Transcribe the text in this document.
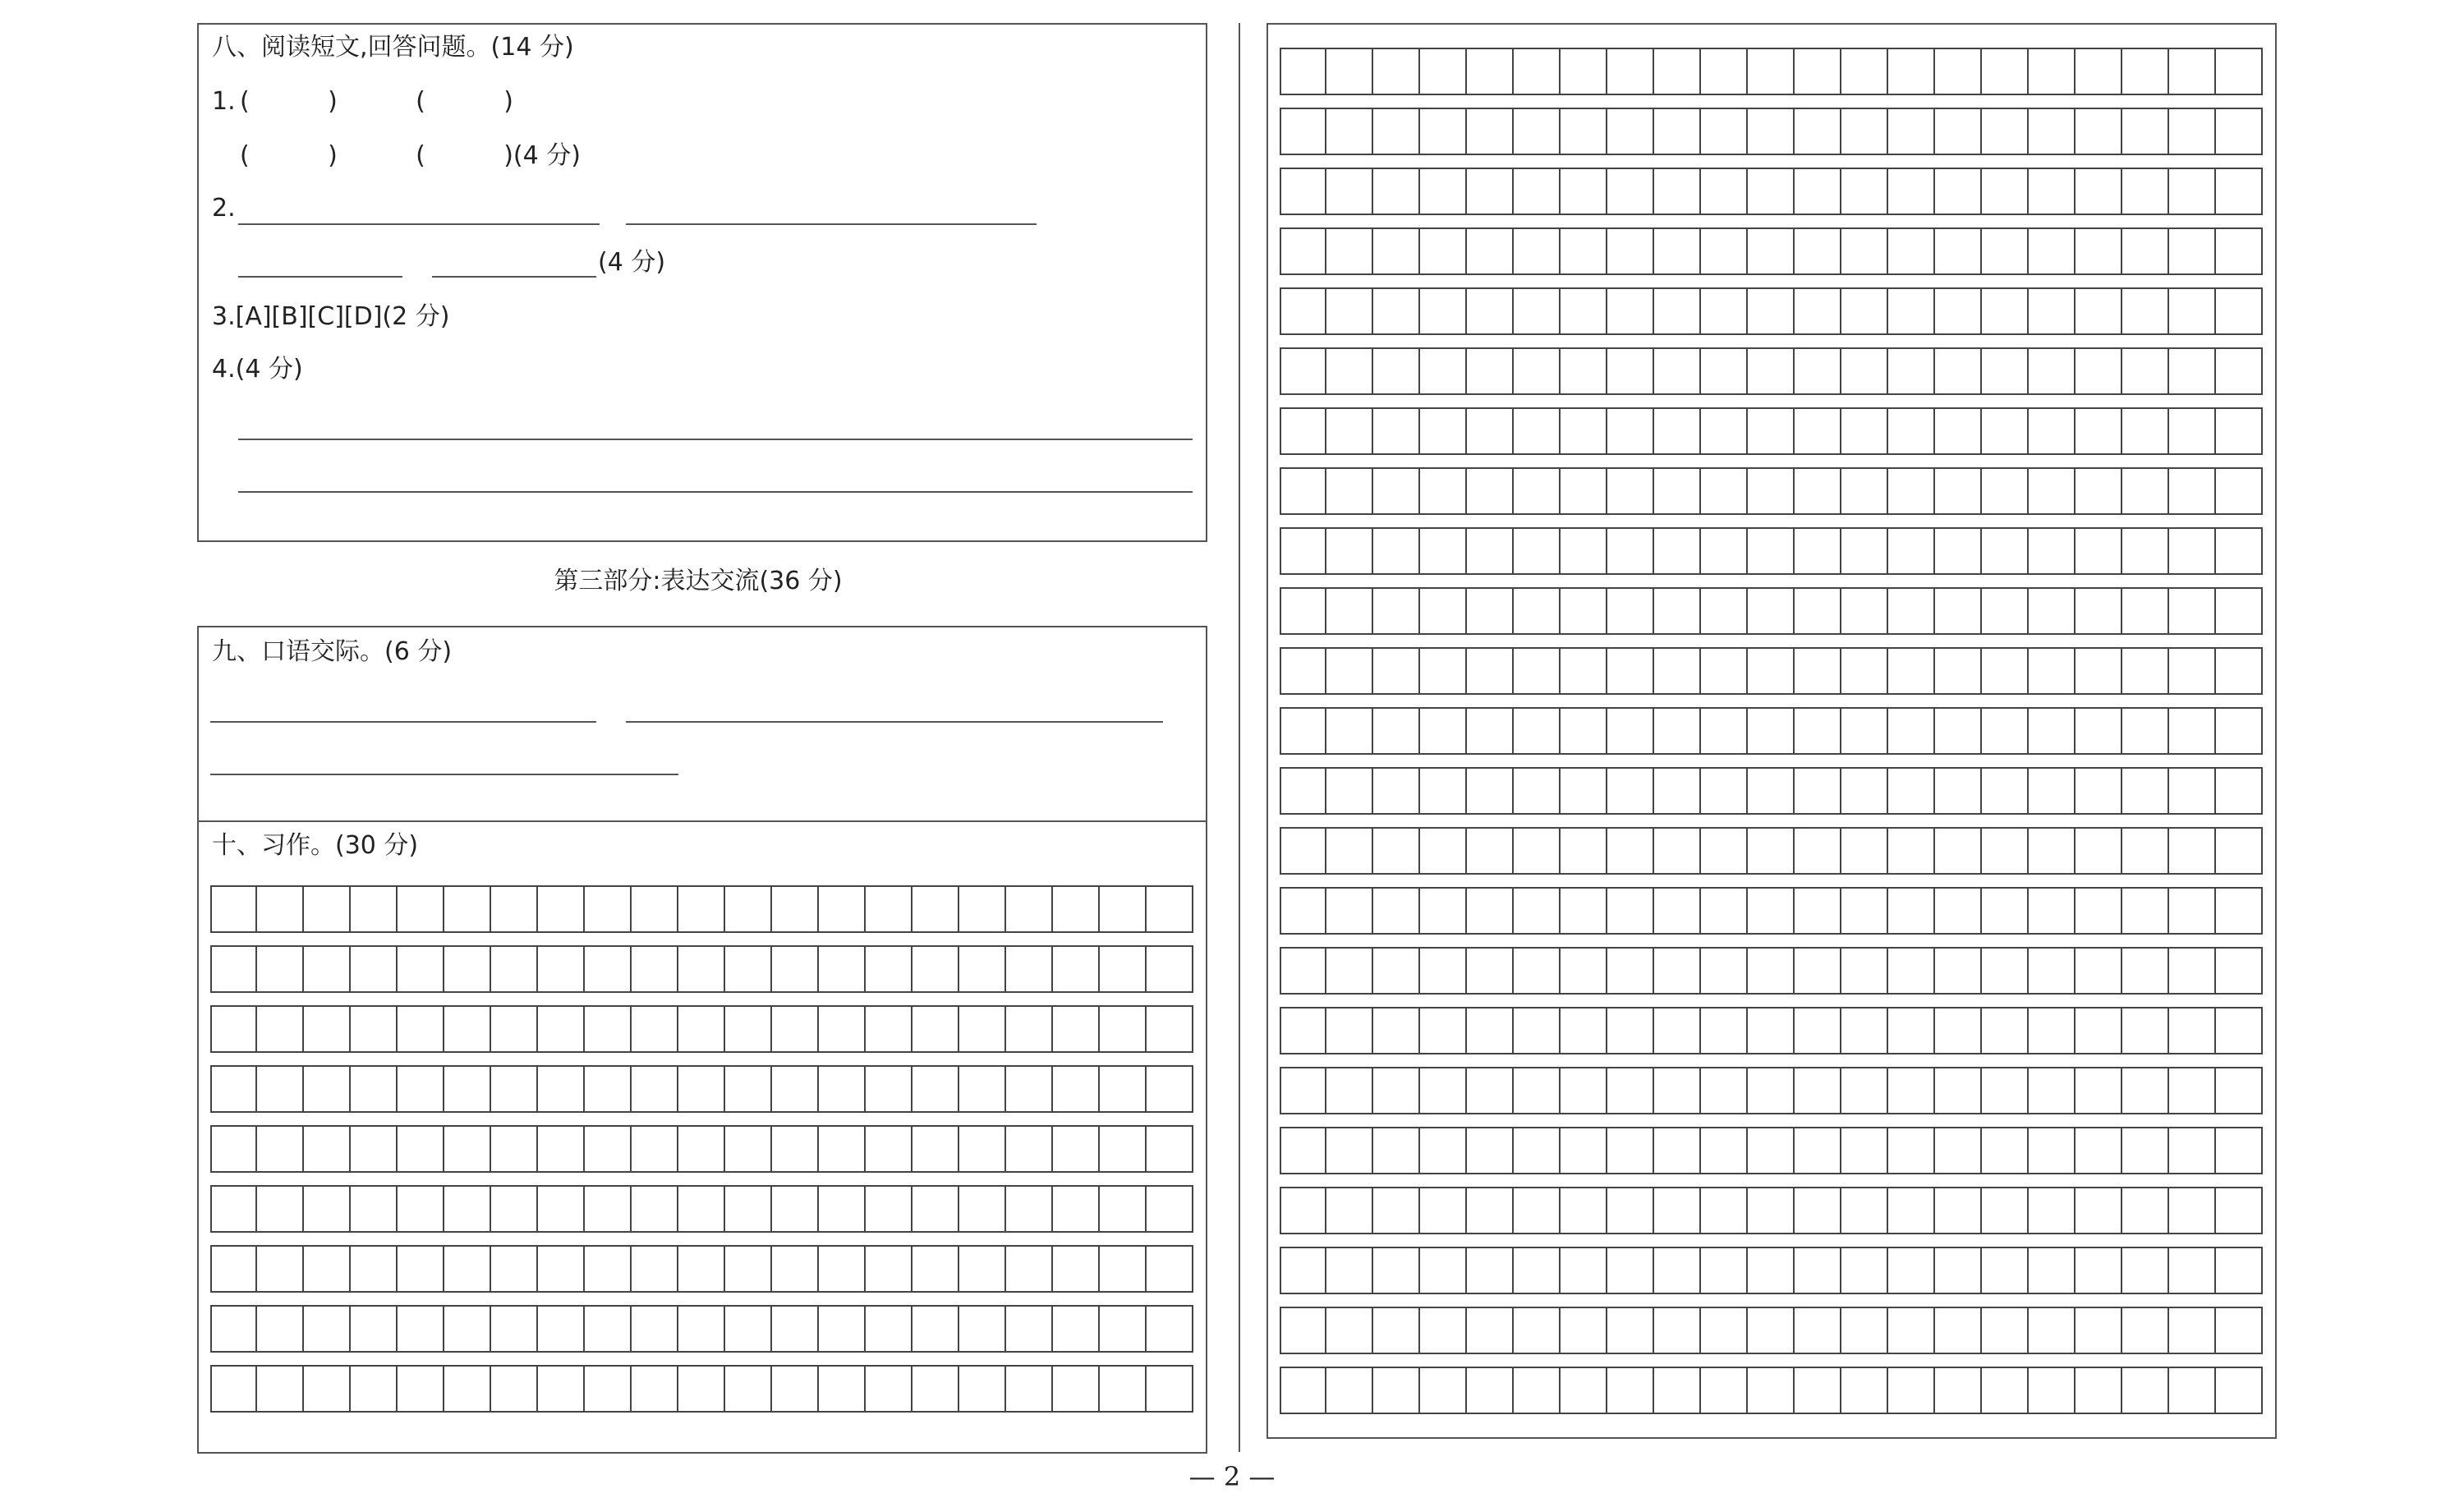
八、阅读短文,回答问题。(14 分)
1. (          )          (          )
(          )          (          )(4 分)
2.
(4 分)
3.[A][B][C][D](2 分)
4.(4 分)
第三部分:表达交流(36 分)
九、口语交际。(6 分)
十、习作。(30 分)
— 2 —
